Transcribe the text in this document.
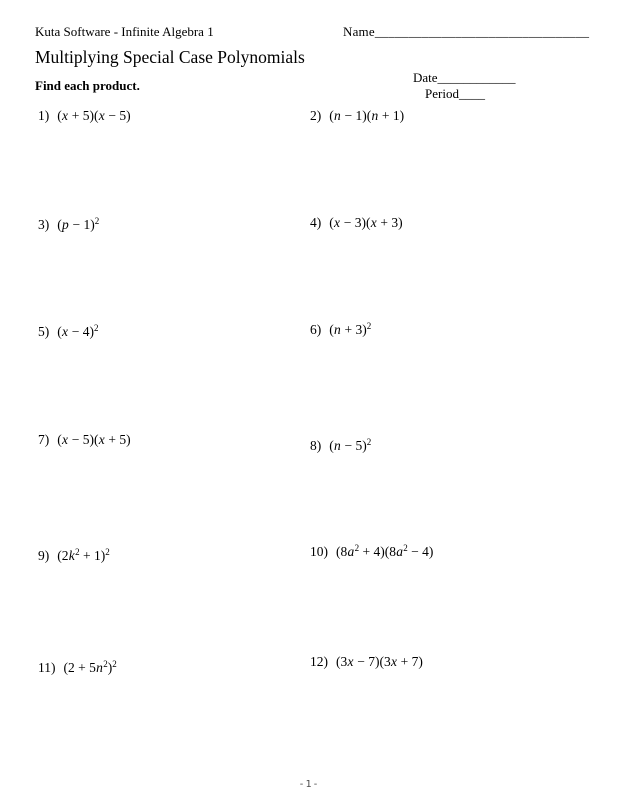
Kuta Software - Infinite Algebra 1	Name________________________________
Multiplying Special Case Polynomials

Date____________
Period____

Find each product.
1) (x + 5)(x − 5)	2) (n − 1)(n + 1)
3) $(p - 1)^2$	4) (x − 3)(x + 3)
5) $(x - 4)^2$	6) $(n + 3)^2$
7) (x − 5)(x + 5)	8) $(n - 5)^2$
9) $(2k^2 + 1)^2$	10) $(8a^2 + 4)(8a^2 - 4)$
11) $(2 + 5n^2)^2$	12) (3x − 7)(3x + 7)
-1-
